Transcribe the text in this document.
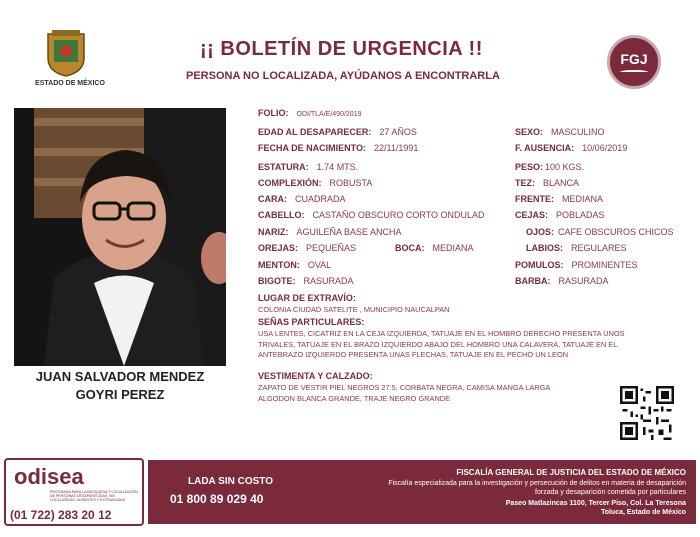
ESTADO DE MÉXICO
¡¡ BOLETÍN DE URGENCIA !!
PERSONA NO LOCALIZADA, AYÚDANOS A ENCONTRARLA
FGJ
JUAN SALVADOR MENDEZ
GOYRI PEREZ
FOLIO: ODI/TLA/E/490/2019
EDAD AL DESAPARECER: 27 AÑOS	SEXO: MASCULINO
FECHA DE NACIMIENTO: 22/11/1991	F. AUSENCIA: 10/06/2019
ESTATURA: 1.74 MTS.	PESO: 100 KGS.
COMPLEXIÓN: ROBUSTA	TEZ: BLANCA
CARA: CUADRADA	FRENTE: MEDIANA
CABELLO: CASTAÑO OBSCURO CORTO ONDULAD	CEJAS: POBLADAS
NARIZ: AGUILEÑA BASE ANCHA	OJOS: CAFE OBSCUROS CHICOS
OREJAS: PEQUEÑAS	BOCA: MEDIANA	LABIOS: REGULARES
MENTON: OVAL	POMULOS: PROMINENTES
BIGOTE: RASURADA	BARBA: RASURADA
LUGAR DE EXTRAVÍO:
COLONIA CIUDAD SATELITE , MUNICIPIO NAUCALPAN
SEÑAS PARTICULARES:
USA LENTES, CICATRIZ EN LA CEJA IZQUIERDA, TATUAJE EN EL HOMBRO DERECHO PRESENTA UNOS
TRIVALES, TATUAJE EN EL BRAZO IZQUIERDO ABAJO DEL HOMBRO UNA CALAVERA, TATUAJE EN EL
ANTEBRAZO IZQUIERDO PRESENTA UNAS FLECHAS, TATUAJE EN EL PECHO UN LEON
VESTIMENTA Y CALZADO:
ZAPATO DE VESTIR PIEL NEGROS 27.5, CORBATA NEGRA, CAMISA MANGA LARGA
ALGODON BLANCA GRANDE, TRAJE NEGRO GRANDE
odisea
PROGRAMA PARA LA BÚSQUEDA Y LOCALIZACIÓN DE PERSONAS DESAPARECIDAS, NO LOCALIZADAS, AUSENTES Y EXTRAVIADAS
(01 722) 283 20 12
LADA SIN COSTO
01 800 89 029 40
FISCALÍA GENERAL DE JUSTICIA DEL ESTADO DE MÉXICO
Fiscalía especializada para la investigación y persecución de delitos en materia de desaparición forzada y desaparición cometida por particulares
Paseo Matlazincas 1100, Tercer Piso, Col. La Teresona
Toluca, Estado de México
